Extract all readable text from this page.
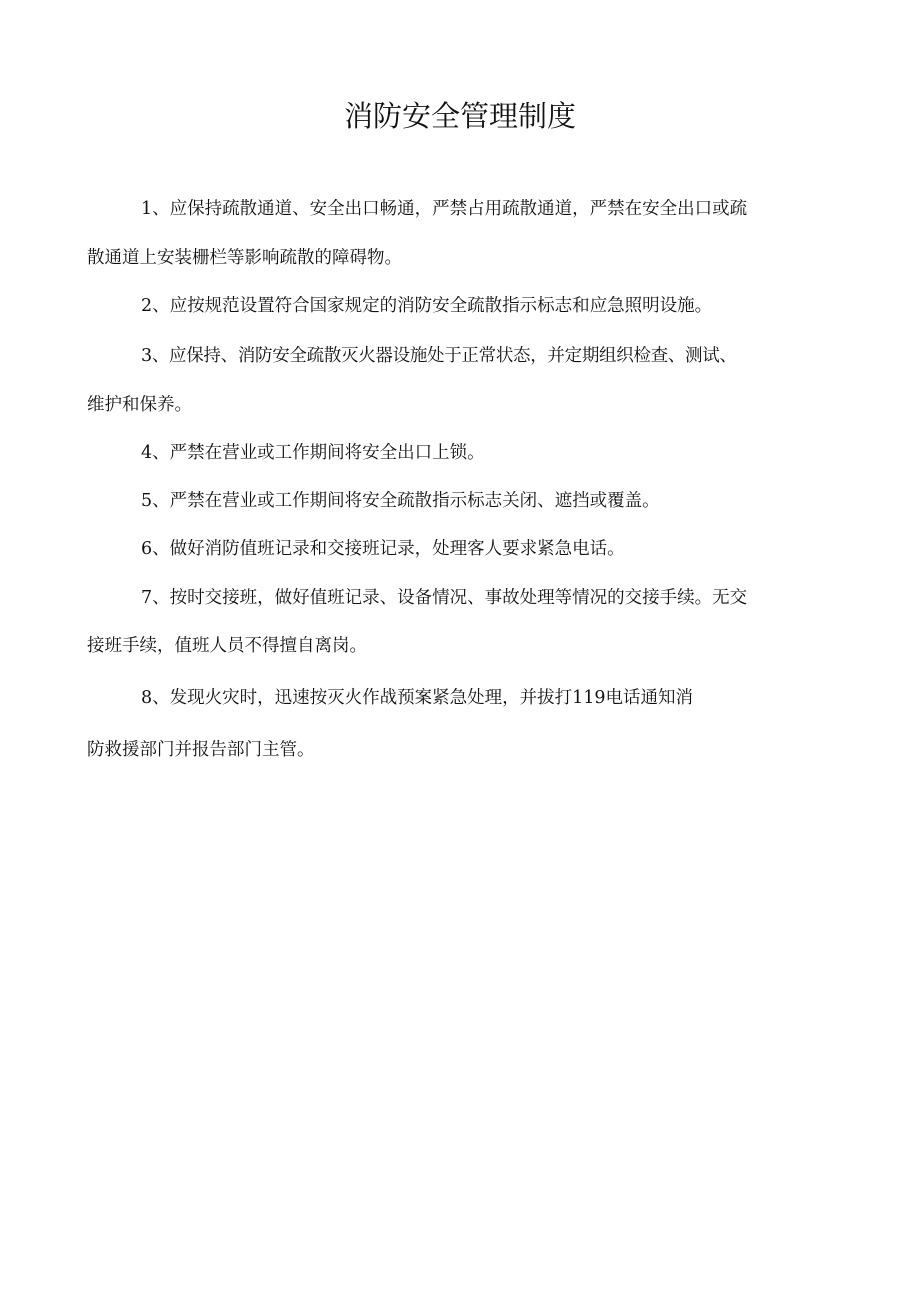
消防安全管理制度
1、应保持疏散通道、安全出口畅通，严禁占用疏散通道，严禁在安全出口或疏
散通道上安装栅栏等影响疏散的障碍物。
2、应按规范设置符合国家规定的消防安全疏散指示标志和应急照明设施。
3、应保持、消防安全疏散灭火器设施处于正常状态，并定期组织检查、测试、
维护和保养。
4、严禁在营业或工作期间将安全出口上锁。
5、严禁在营业或工作期间将安全疏散指示标志关闭、遮挡或覆盖。
6、做好消防值班记录和交接班记录，处理客人要求紧急电话。
7、按时交接班，做好值班记录、设备情况、事故处理等情况的交接手续。无交
接班手续，值班人员不得擅自离岗。
8、发现火灾时，迅速按灭火作战预案紧急处理，并拔打119电话通知消
防救援部门并报告部门主管。
